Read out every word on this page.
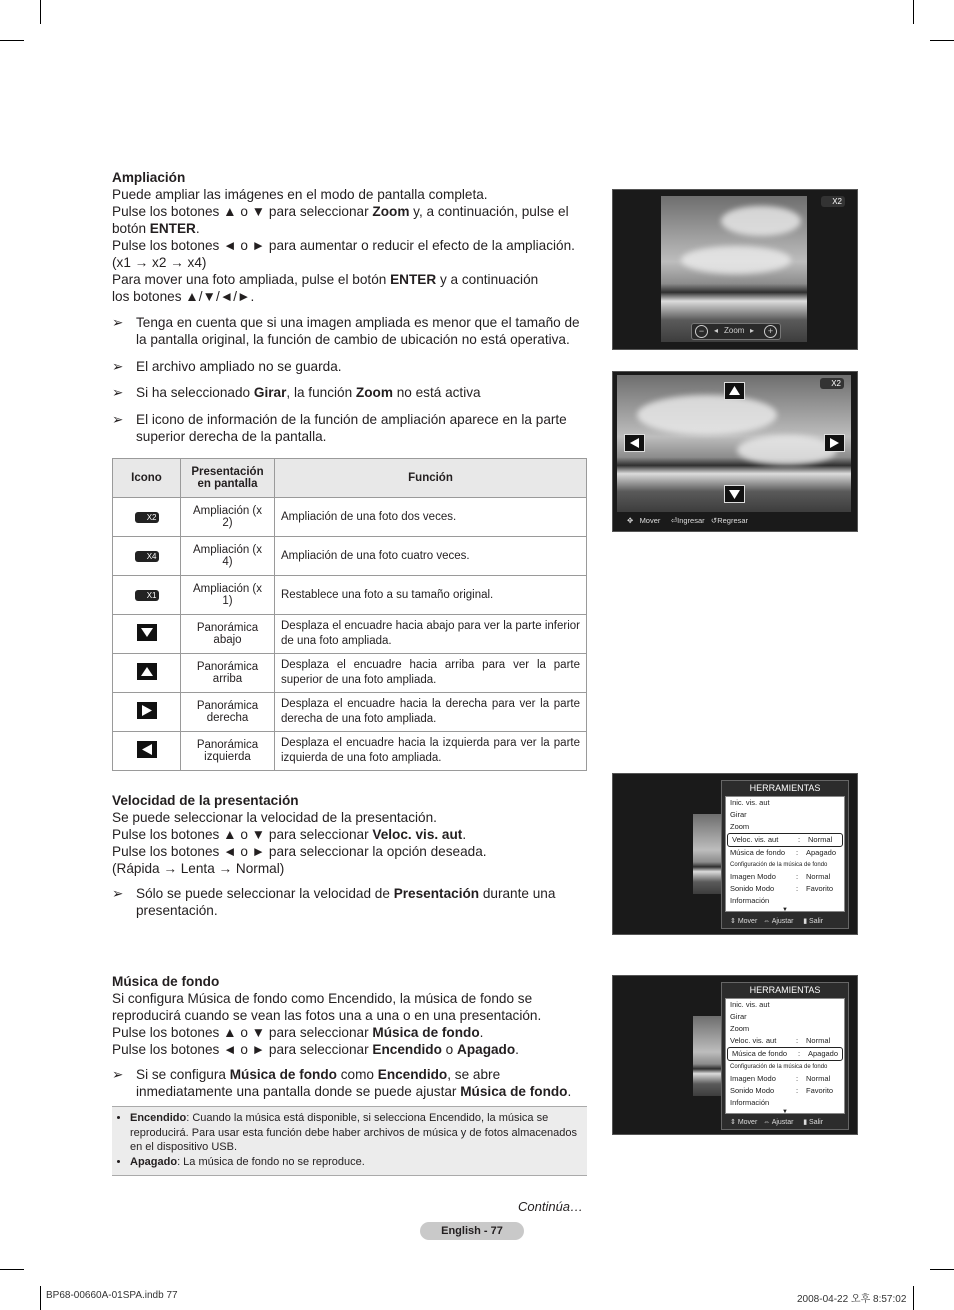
Ampliación

Puede ampliar las imágenes en el modo de pantalla completa.

Pulse los botones ▲ o ▼ para seleccionar Zoom y, a continuación, pulse el

botón ENTER.

Pulse los botones ◄ o ► para aumentar o reducir el efecto de la ampliación.

(x1 → x2 → x4)

Para mover una foto ampliada, pulse el botón ENTER y a continuación

los botones ▲/▼/◄/►.

➢ Tenga en cuenta que si una imagen ampliada es menor que el tamaño de la pantalla original, la función de cambio de ubicación no está operativa.
➢ El archivo ampliado no se guarda.
➢ Si ha seleccionado Girar, la función Zoom no está activa
➢ El icono de información de la función de ampliación aparece en la parte superior derecha de la pantalla.
Icono	Presentación en pantalla	Función
X2	Ampliación (x 2)	Ampliación de una foto dos veces.
X4	Ampliación (x 4)	Ampliación de una foto cuatro veces.
X1	Ampliación (x 1)	Restablece una foto a su tamaño original.

	Panorámica abajo	Desplaza el encuadre hacia abajo para ver la parte inferior de una foto ampliada.

	Panorámica arriba	Desplaza el encuadre hacia arriba para ver la parte superior de una foto ampliada.

	Panorámica derecha	Desplaza el encuadre hacia la derecha para ver la parte derecha de una foto ampliada.

	Panorámica izquierda	Desplaza el encuadre hacia la izquierda para ver la parte izquierda de una foto ampliada.

Velocidad de la presentación

Se puede seleccionar la velocidad de la presentación.

Pulse los botones ▲ o ▼ para seleccionar Veloc. vis. aut.

Pulse los botones ◄ o ► para seleccionar la opción deseada.

(Rápida → Lenta → Normal)

➢ Sólo se puede seleccionar la velocidad de Presentación durante una presentación.

Música de fondo

Si configura Música de fondo como Encendido, la música de fondo se reproducirá cuando se vean las fotos una a una o en una presentación.

Pulse los botones ▲ o ▼ para seleccionar Música de fondo.

Pulse los botones ◄ o ► para seleccionar Encendido o Apagado.

➢ Si se configura Música de fondo como Encendido, se abre inmediatamente una pantalla donde se puede ajustar Música de fondo.
• Encendido: Cuando la música está disponible, si selecciona Encendido, la música se reproducirá. Para usar esta función debe haber archivos de música y de fotos almacenados en el dispositivo USB.
• Apagado: La música de fondo no se reproduce.
X2
−	◂ Zoom ▸	+
X2
✥ Mover ⏎Ingresar ↺Regresar
HERRAMIENTAS
Inic. vis. aut
Girar
Zoom
Veloc. vis. aut	: Normal
Música de fondo : Apagado
Configuración de la música de fondo
Imagen Modo	: Normal
Sonido Modo	: Favorito
Información
▼
⇕ Mover ⇔ Ajustar ▮ Salir
HERRAMIENTAS
Inic. vis. aut
Girar
Zoom
Veloc. vis. aut	: Normal
Música de fondo : Apagado
Configuración de la música de fondo
Imagen Modo	: Normal
Sonido Modo	: Favorito
Información
▼
⇕ Mover ⇔ Ajustar ▮ Salir
Continúa…
English - 77
BP68-00660A-01SPA.indb 77	2008-04-22 오후 8:57:02
